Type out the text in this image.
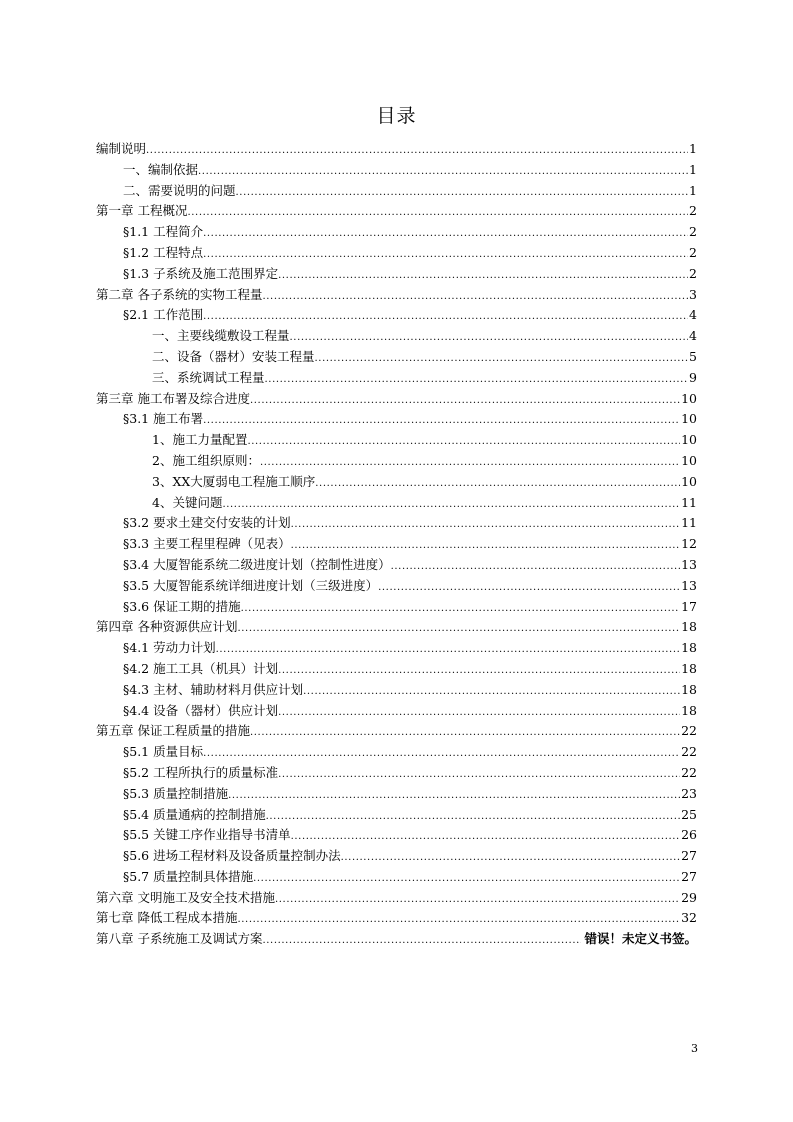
目录
编制说明 .....	1
一、编制依据 .....	1
二、需要说明的问题 .....	1
第一章 工程概况 .....	2
§1.1 工程简介 .....	2
§1.2 工程特点 .....	2
§1.3 子系统及施工范围界定 .....	2
第二章 各子系统的实物工程量 .....	3
§2.1 工作范围 .....	4
一、主要线缆敷设工程量 .....	4
二、设备（器材）安装工程量 .....	5
三、系统调试工程量 .....	9
第三章 施工布署及综合进度 .....	10
§3.1 施工布署 .....	10
1、施工力量配置 .....	10
2、施工组织原则： .....	10
3、XX大厦弱电工程施工顺序 .....	10
4、关键问题 .....	11
§3.2 要求土建交付安装的计划 .....	11
§3.3 主要工程里程碑（见表） .....	12
§3.4 大厦智能系统二级进度计划（控制性进度） .....	13
§3.5 大厦智能系统详细进度计划（三级进度） .....	13
§3.6 保证工期的措施 .....	17
第四章 各种资源供应计划 .....	18
§4.1 劳动力计划 .....	18
§4.2 施工工具（机具）计划 .....	18
§4.3 主材、辅助材料月供应计划 .....	18
§4.4 设备（器材）供应计划 .....	18
第五章 保证工程质量的措施 .....	22
§5.1 质量目标 .....	22
§5.2 工程所执行的质量标准 .....	22
§5.3 质量控制措施 .....	23
§5.4 质量通病的控制措施 .....	25
§5.5 关键工序作业指导书清单 .....	26
§5.6 进场工程材料及设备质量控制办法 .....	27
§5.7 质量控制具体措施 .....	27
第六章 文明施工及安全技术措施 .....	29
第七章 降低工程成本措施 .....	32
第八章 子系统施工及调试方案 .....	错误！未定义书签。
3
